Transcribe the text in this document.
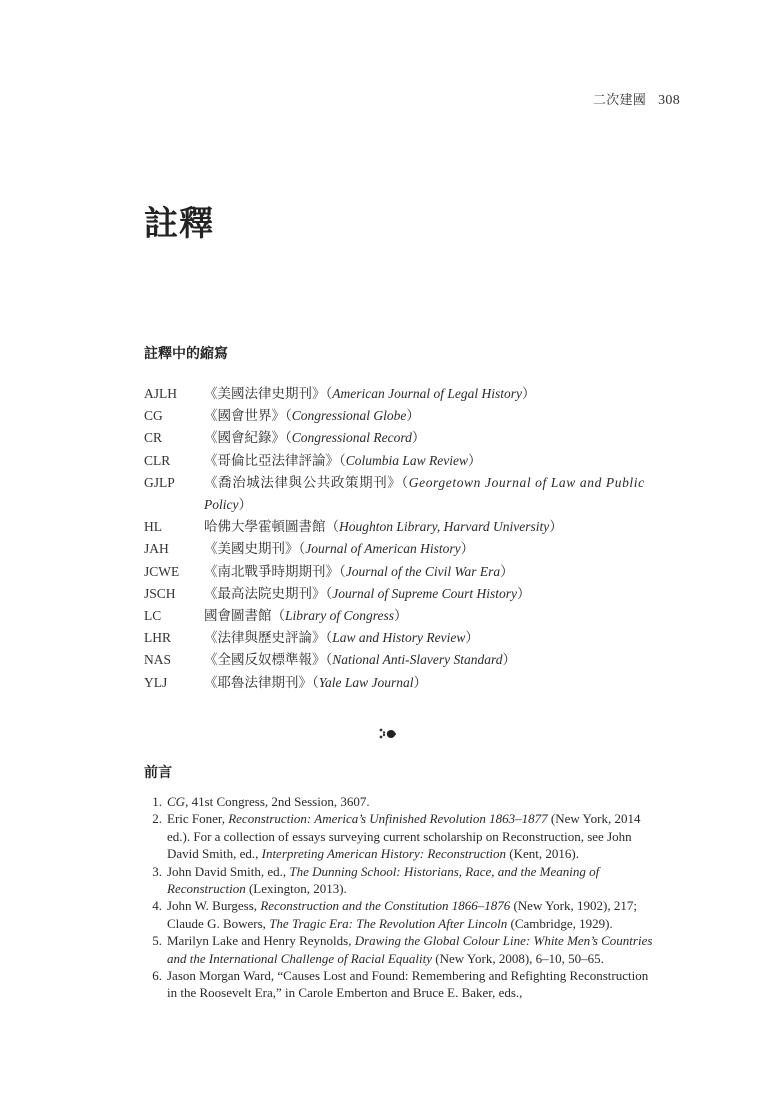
二次建國 308
註釋
註釋中的縮寫
AJLH	《美國法律史期刊》（American Journal of Legal History）
CG	《國會世界》（Congressional Globe）
CR	《國會紀錄》（Congressional Record）
CLR	《哥倫比亞法律評論》（Columbia Law Review）
GJLP	《喬治城法律與公共政策期刊》（Georgetown Journal of Law and Public
Policy）
HL	哈佛大學霍頓圖書館（Houghton Library, Harvard University）
JAH	《美國史期刊》（Journal of American History）
JCWE	《南北戰爭時期期刊》（Journal of the Civil War Era）
JSCH	《最高法院史期刊》（Journal of Supreme Court History）
LC	國會圖書館（Library of Congress）
LHR	《法律與歷史評論》（Law and History Review）
NAS	《全國反奴標準報》（National Anti-Slavery Standard）
YLJ	《耶魯法律期刊》（Yale Law Journal）
前言
1. CG, 41st Congress, 2nd Session, 3607.
2. Eric Foner, Reconstruction: America’s Unfinished Revolution 1863–1877 (New York, 2014 ed.). For a collection of essays surveying current scholarship on Reconstruction, see John David Smith, ed., Interpreting American History: Reconstruction (Kent, 2016).
3. John David Smith, ed., The Dunning School: Historians, Race, and the Meaning of Reconstruction (Lexington, 2013).
4. John W. Burgess, Reconstruction and the Constitution 1866–1876 (New York, 1902), 217; Claude G. Bowers, The Tragic Era: The Revolution After Lincoln (Cambridge, 1929).
5. Marilyn Lake and Henry Reynolds, Drawing the Global Colour Line: White Men’s Countries and the International Challenge of Racial Equality (New York, 2008), 6–10, 50–65.
6. Jason Morgan Ward, “Causes Lost and Found: Remembering and Refighting Reconstruction in the Roosevelt Era,” in Carole Emberton and Bruce E. Baker, eds.,
